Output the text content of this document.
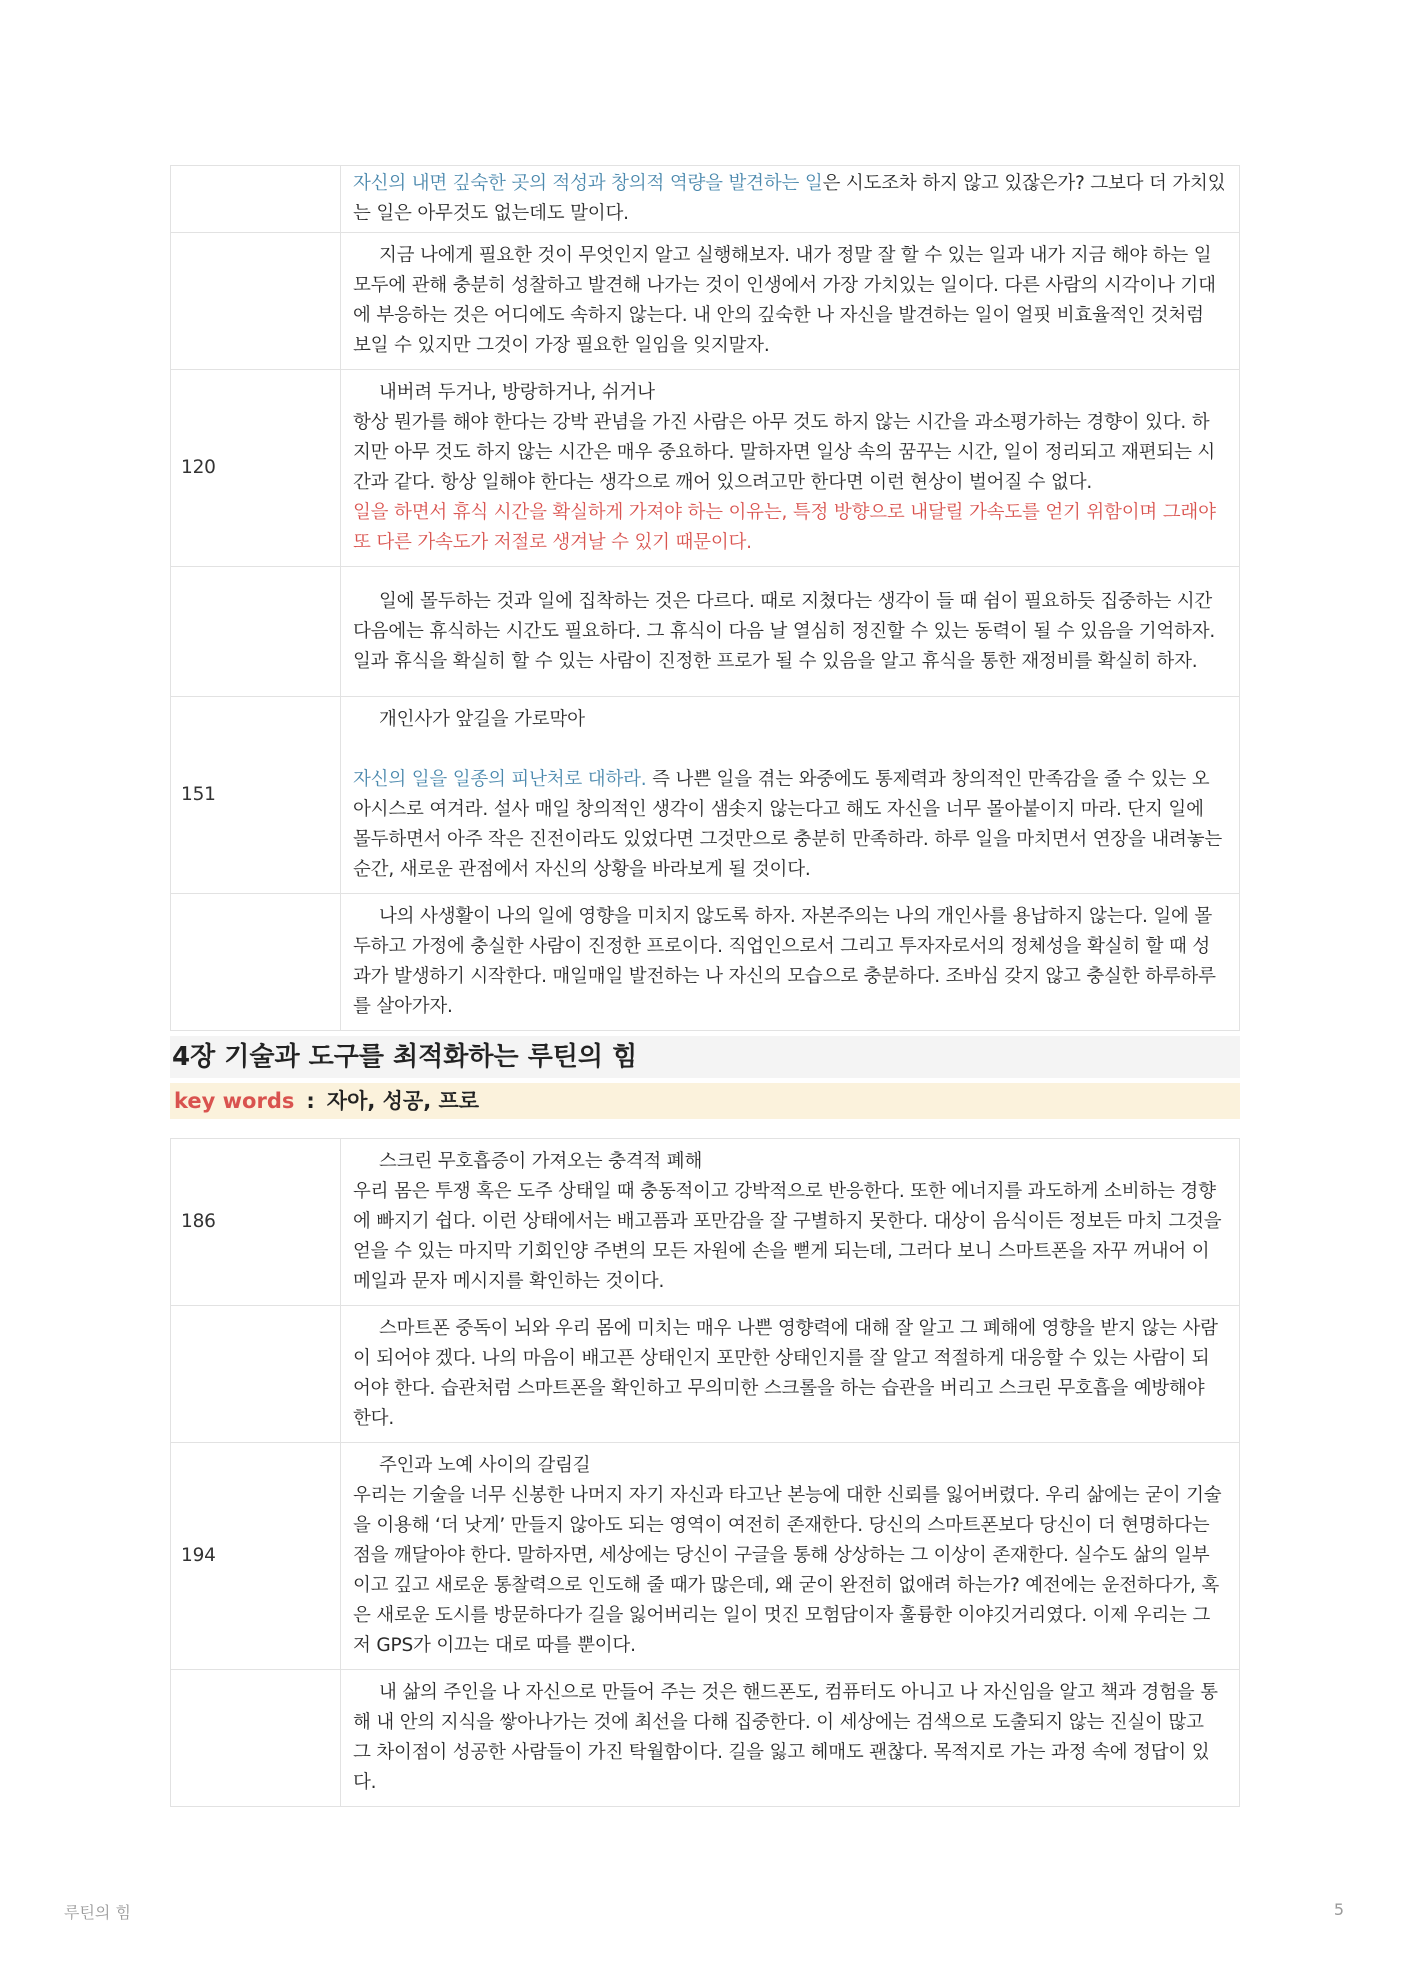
	자신의 내면 깊숙한 곳의 적성과 창의적 역량을 발견하는 일은 시도조차 하지 않고 있잖은가? 그보다 더 가치있는 일은 아무것도 없는데도 말이다.

	지금 나에게 필요한 것이 무엇인지 알고 실행해보자. 내가 정말 잘 할 수 있는 일과 내가 지금 해야 하는 일 모두에 관해 충분히 성찰하고 발견해 나가는 것이 인생에서 가장 가치있는 일이다. 다른 사람의 시각이나 기대에 부응하는 것은 어디에도 속하지 않는다. 내 안의 깊숙한 나 자신을 발견하는 일이 얼핏 비효율적인 것처럼 보일 수 있지만 그것이 가장 필요한 일임을 잊지말자.

120	내버려 두거나, 방랑하거나, 쉬거나

항상 뭔가를 해야 한다는 강박 관념을 가진 사람은 아무 것도 하지 않는 시간을 과소평가하는 경향이 있다. 하지만 아무 것도 하지 않는 시간은 매우 중요하다. 말하자면 일상 속의 꿈꾸는 시간, 일이 정리되고 재편되는 시간과 같다. 항상 일해야 한다는 생각으로 깨어 있으려고만 한다면 이런 현상이 벌어질 수 없다.

일을 하면서 휴식 시간을 확실하게 가져야 하는 이유는, 특정 방향으로 내달릴 가속도를 얻기 위함이며 그래야 또 다른 가속도가 저절로 생겨날 수 있기 때문이다.

	일에 몰두하는 것과 일에 집착하는 것은 다르다. 때로 지쳤다는 생각이 들 때 쉼이 필요하듯 집중하는 시간 다음에는 휴식하는 시간도 필요하다. 그 휴식이 다음 날 열심히 정진할 수 있는 동력이 될 수 있음을 기억하자. 일과 휴식을 확실히 할 수 있는 사람이 진정한 프로가 될 수 있음을 알고 휴식을 통한 재정비를 확실히 하자.

151	개인사가 앞길을 가로막아

자신의 일을 일종의 피난처로 대하라. 즉 나쁜 일을 겪는 와중에도 통제력과 창의적인 만족감을 줄 수 있는 오아시스로 여겨라. 설사 매일 창의적인 생각이 샘솟지 않는다고 해도 자신을 너무 몰아붙이지 마라. 단지 일에 몰두하면서 아주 작은 진전이라도 있었다면 그것만으로 충분히 만족하라. 하루 일을 마치면서 연장을 내려놓는 순간, 새로운 관점에서 자신의 상황을 바라보게 될 것이다.

	나의 사생활이 나의 일에 영향을 미치지 않도록 하자. 자본주의는 나의 개인사를 용납하지 않는다. 일에 몰두하고 가정에 충실한 사람이 진정한 프로이다. 직업인으로서 그리고 투자자로서의 정체성을 확실히 할 때 성과가 발생하기 시작한다. 매일매일 발전하는 나 자신의 모습으로 충분하다. 조바심 갖지 않고 충실한 하루하루를 살아가자.

4장 기술과 도구를 최적화하는 루틴의 힘
key words : 자아, 성공, 프로
186	스크린 무호흡증이 가져오는 충격적 폐해

우리 몸은 투쟁 혹은 도주 상태일 때 충동적이고 강박적으로 반응한다. 또한 에너지를 과도하게 소비하는 경향에 빠지기 쉽다. 이런 상태에서는 배고픔과 포만감을 잘 구별하지 못한다. 대상이 음식이든 정보든 마치 그것을 얻을 수 있는 마지막 기회인양 주변의 모든 자원에 손을 뻗게 되는데, 그러다 보니 스마트폰을 자꾸 꺼내어 이메일과 문자 메시지를 확인하는 것이다.

	스마트폰 중독이 뇌와 우리 몸에 미치는 매우 나쁜 영향력에 대해 잘 알고 그 폐해에 영향을 받지 않는 사람이 되어야 겠다. 나의 마음이 배고픈 상태인지 포만한 상태인지를 잘 알고 적절하게 대응할 수 있는 사람이 되어야 한다. 습관처럼 스마트폰을 확인하고 무의미한 스크롤을 하는 습관을 버리고 스크린 무호흡을 예방해야 한다.

194	주인과 노예 사이의 갈림길

우리는 기술을 너무 신봉한 나머지 자기 자신과 타고난 본능에 대한 신뢰를 잃어버렸다. 우리 삶에는 굳이 기술을 이용해 ‘더 낫게’ 만들지 않아도 되는 영역이 여전히 존재한다. 당신의 스마트폰보다 당신이 더 현명하다는 점을 깨달아야 한다. 말하자면, 세상에는 당신이 구글을 통해 상상하는 그 이상이 존재한다. 실수도 삶의 일부이고 깊고 새로운 통찰력으로 인도해 줄 때가 많은데, 왜 굳이 완전히 없애려 하는가? 예전에는 운전하다가, 혹은 새로운 도시를 방문하다가 길을 잃어버리는 일이 멋진 모험담이자 훌륭한 이야깃거리였다. 이제 우리는 그저 GPS가 이끄는 대로 따를 뿐이다.

	내 삶의 주인을 나 자신으로 만들어 주는 것은 핸드폰도, 컴퓨터도 아니고 나 자신임을 알고 책과 경험을 통해 내 안의 지식을 쌓아나가는 것에 최선을 다해 집중한다. 이 세상에는 검색으로 도출되지 않는 진실이 많고 그 차이점이 성공한 사람들이 가진 탁월함이다. 길을 잃고 헤매도 괜찮다. 목적지로 가는 과정 속에 정답이 있다.

루틴의 힘	5
